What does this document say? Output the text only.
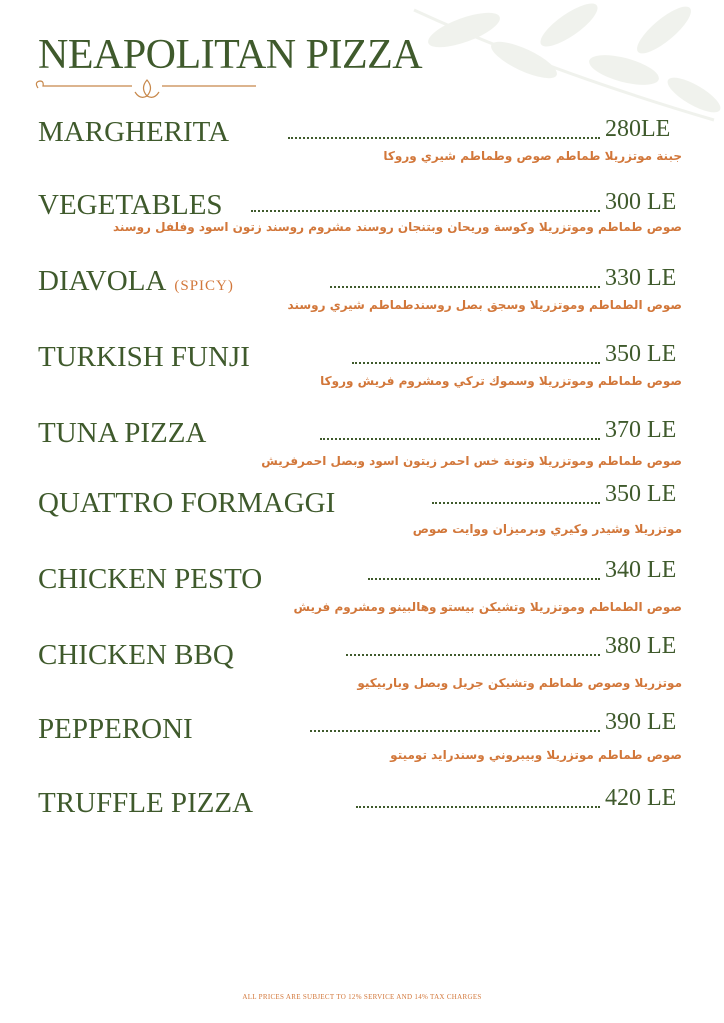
NEAPOLITAN PIZZA
MARGHERITA	280LE
جبنة موتزريلا طماطم صوص وطماطم شيري وروكا
VEGETABLES	300 LE
صوص طماطم وموتزريلا وكوسة وريحان وبتنجان روسند مشروم روسند زتون اسود وفلفل روسند
DIAVOLA (SPICY)	330 LE
صوص الطماطم وموتزريلا وسجق بصل روسندطماطم شيري روسند
TURKISH FUNJI	350 LE
صوص طماطم وموتزريلا وسموك تركي ومشروم فريش وروكا
TUNA PIZZA	370 LE
صوص طماطم وموتزريلا وتونة خس احمر زيتون اسود وبصل احمرفريش
QUATTRO FORMAGGI	350 LE
موتزريلا وشيدر وكيري وبرميزان ووايت صوص
CHICKEN PESTO	340 LE
صوص الطماطم وموتزريلا وتشيكن بيستو وهالبينو ومشروم فريش
CHICKEN BBQ	380 LE
موتزريلا وصوص طماطم وتشيكن جريل وبصل وباربيكيو
PEPPERONI	390 LE
صوص طماطم موتزريلا وبيبروني وسندرايد توميتو
TRUFFLE PIZZA	420 LE
ALL PRICES ARE SUBJECT TO 12% SERVICE AND 14% TAX CHARGES
